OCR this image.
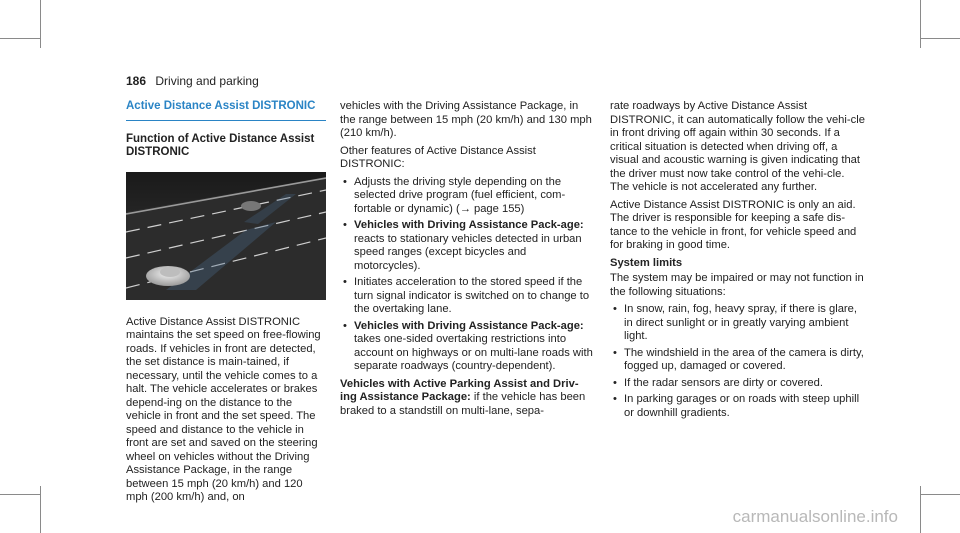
186 Driving and parking
Active Distance Assist DISTRONIC
Function of Active Distance Assist DISTRONIC

Active Distance Assist DISTRONIC maintains the set speed on free-flowing roads. If vehicles in front are detected, the set distance is main-tained, if necessary, until the vehicle comes to a halt. The vehicle accelerates or brakes depend-ing on the distance to the vehicle in front and the set speed. The speed and distance to the vehicle in front are set and saved on the steering wheel on vehicles without the Driving Assistance Package, in the range between 15 mph (20 km/h) and 120 mph (200 km/h) and, on

vehicles with the Driving Assistance Package, in the range between 15 mph (20 km/h) and 130 mph (210 km/h).

Other features of Active Distance Assist DISTRONIC:

• Adjusts the driving style depending on the selected drive program (fuel efficient, com-fortable or dynamic) (→ page 155)
• Vehicles with Driving Assistance Pack-age: reacts to stationary vehicles detected in urban speed ranges (except bicycles and motorcycles).
• Initiates acceleration to the stored speed if the turn signal indicator is switched on to change to the overtaking lane.
• Vehicles with Driving Assistance Pack-age: takes one-sided overtaking restrictions into account on highways or on multi-lane roads with separate roadways (country-dependent).

Vehicles with Active Parking Assist and Driv-ing Assistance Package: if the vehicle has been braked to a standstill on multi-lane, sepa-

rate roadways by Active Distance Assist DISTRONIC, it can automatically follow the vehi-cle in front driving off again within 30 seconds. If a critical situation is detected when driving off, a visual and acoustic warning is given indicating that the driver must now take control of the vehi-cle. The vehicle is not accelerated any further.

Active Distance Assist DISTRONIC is only an aid. The driver is responsible for keeping a safe dis-tance to the vehicle in front, for vehicle speed and for braking in good time.

System limits

The system may be impaired or may not function in the following situations:

• In snow, rain, fog, heavy spray, if there is glare, in direct sunlight or in greatly varying ambient light.
• The windshield in the area of the camera is dirty, fogged up, damaged or covered.
• If the radar sensors are dirty or covered.
• In parking garages or on roads with steep uphill or downhill gradients.
carmanualsonline.info
